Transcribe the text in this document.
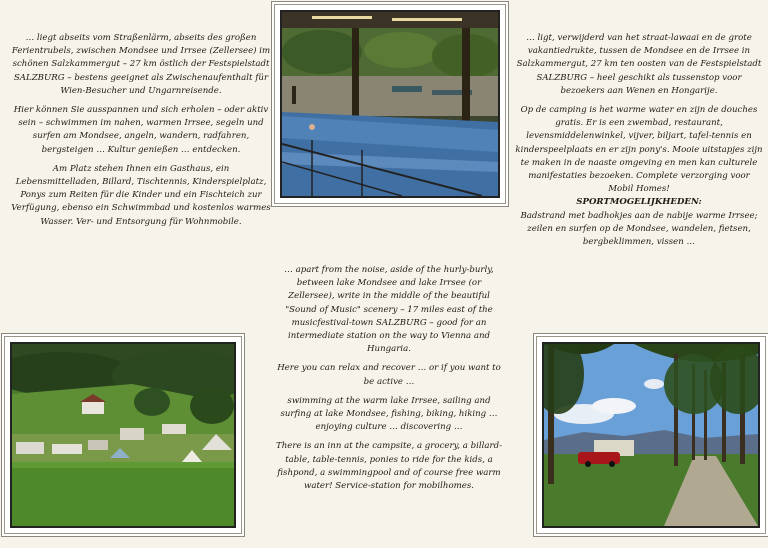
… liegt abseits vom Straßenlärm, abseits des großen Ferientrubels, zwischen Mondsee und Irrsee (Zellersee) im schönen Salzkammergut – 27 km östlich der Festspielstadt SALZBURG – bestens geeignet als Zwischenaufenthalt für Wien-Besucher und Ungarnreisende.

Hier können Sie ausspannen und sich erholen – oder aktiv sein – schwimmen im nahen, warmen Irrsee, segeln und surfen am Mondsee, angeln, wandern, radfahren, bergsteigen … Kultur genießen … entdecken.

Am Platz stehen Ihnen ein Gasthaus, ein Lebensmittelladen, Billard, Tischtennis, Kinderspielplatz, Ponys zum Reiten für die Kinder und ein Fischteich zur Verfügung, ebenso ein Schwimmbad und kostenlos warmes Wasser. Ver- und Entsorgung für Wohnmobile.

… ligt, verwijderd van het straat-lawaai en de grote vakantiedrukte, tussen de Mondsee en de Irrsee in Salzkammergut, 27 km ten oosten van de Festspielstadt SALZBURG – heel geschikt als tussenstop voor bezoekers aan Wenen en Hongarije.

Op de camping is het warme water en zijn de douches gratis. Er is een zwembad, restaurant, levensmiddelenwinkel, vijver, biljart, tafel-tennis en kinderspeelplaats en er zijn pony's. Mooie uitstapjes zijn te maken in de naaste omgeving en men kan culturele manifestaties bezoeken. Complete verzorging voor Mobil Homes!

SPORTMOGELIJKHEDEN:

Badstrand met badhokjes aan de nabije warme Irrsee; zeilen en surfen op de Mondsee, wandelen, fietsen, bergbeklimmen, vissen …

… apart from the noise, aside of the hurly-burly, between lake Mondsee and lake Irrsee (or Zellersee), write in the middle of the beautiful "Sound of Music" scenery – 17 miles east of the musicfestival-town SALZBURG – good for an intermediate station on the way to Vienna and Hungaria.

Here you can relax and recover … or if you want to be active …

swimming at the warm lake Irrsee, sailing and surfing at lake Mondsee, fishing, biking, hiking … enjoying culture … discovering …

There is an inn at the campsite, a grocery, a billard-table, table-tennis, ponies to ride for the kids, a fishpond, a swimmingpool and of course free warm water! Service-station for mobilhomes.
